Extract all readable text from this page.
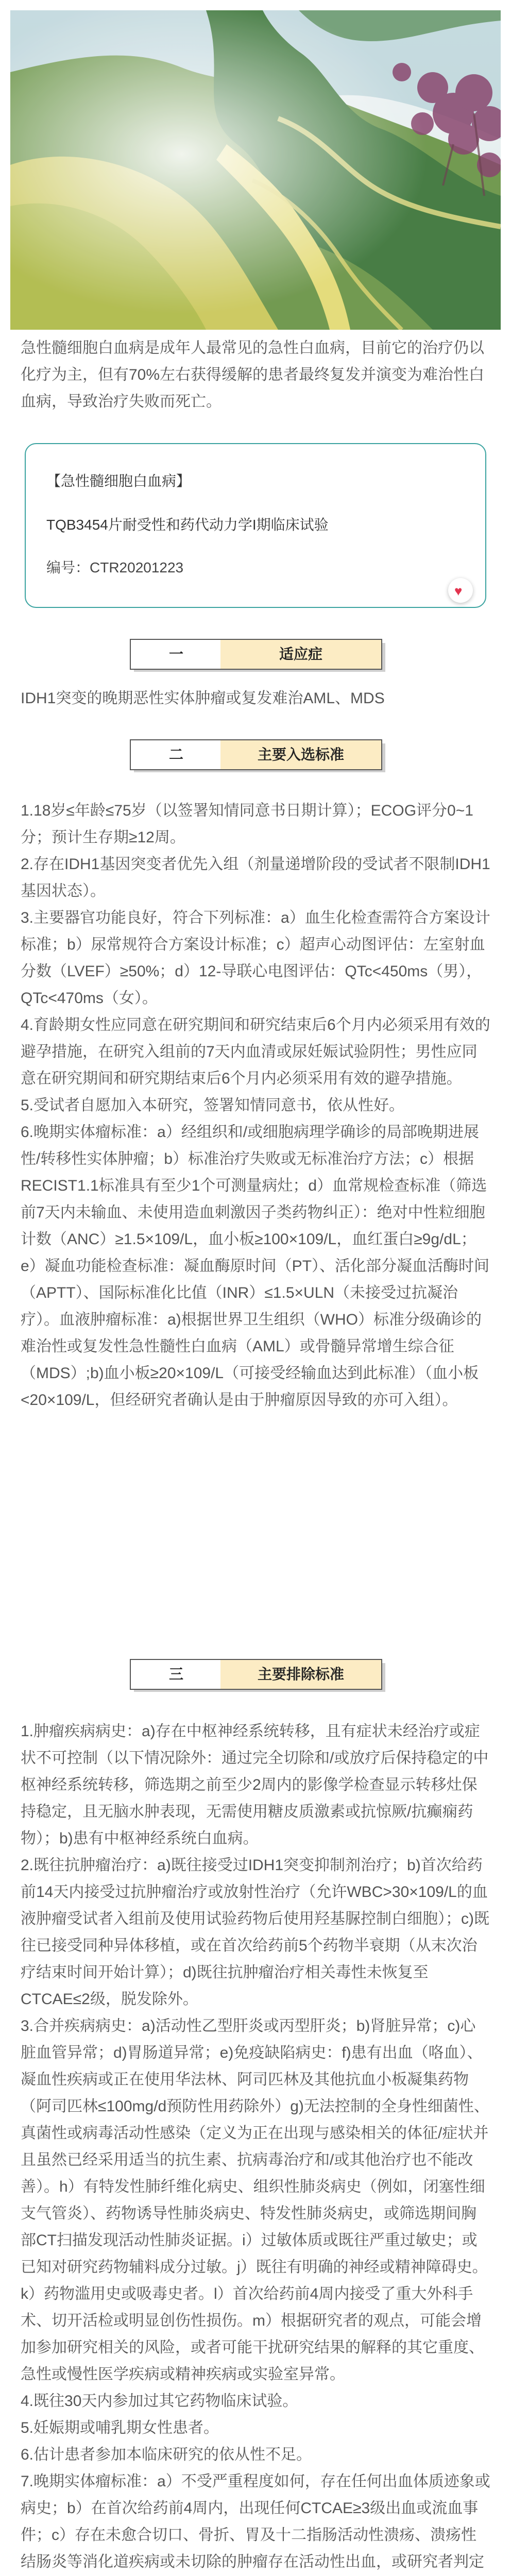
急性髓细胞白血病是成年人最常见的急性白血病，目前它的治疗仍以化疗为主，但有70%左右获得缓解的患者最终复发并演变为难治性白血病，导致治疗失败而死亡。

【急性髓细胞白血病】
TQB3454片耐受性和药代动力学I期临床试验
编号：CTR20201223
♥
一	适应症

IDH1突变的晚期恶性实体肿瘤或复发难治AML、MDS

二	主要入选标准

1.18岁≤年龄≤75岁（以签署知情同意书日期计算）；ECOG评分0~1分；预计生存期≥12周。

2.存在IDH1基因突变者优先入组（剂量递增阶段的受试者不限制IDH1基因状态）。

3.主要器官功能良好，符合下列标准：a）血生化检查需符合方案设计标准；b）尿常规符合方案设计标准；c）超声心动图评估：左室射血分数（LVEF）≥50%；d）12-导联心电图评估：QTc<450ms（男），QTc<470ms（女）。

4.育龄期女性应同意在研究期间和研究结束后6个月内必须采用有效的避孕措施，在研究入组前的7天内血清或尿妊娠试验阴性；男性应同意在研究期间和研究期结束后6个月内必须采用有效的避孕措施。

5.受试者自愿加入本研究，签署知情同意书，依从性好。

6.晚期实体瘤标准：a）经组织和/或细胞病理学确诊的局部晚期进展性/转移性实体肿瘤；b）标准治疗失败或无标准治疗方法；c）根据RECIST1.1标准具有至少1个可测量病灶；d）血常规检查标准（筛选前7天内未输血、未使用造血刺激因子类药物纠正）：绝对中性粒细胞计数（ANC）≥1.5×109/L，血小板≥100×109/L，血红蛋白≥9g/dL；e）凝血功能检查标准：凝血酶原时间（PT）、活化部分凝血活酶时间（APTT）、国际标准化比值（INR）≤1.5×ULN（未接受过抗凝治疗）。血液肿瘤标准：a)根据世界卫生组织（WHO）标准分级确诊的难治性或复发性急性髓性白血病（AML）或骨髓异常增生综合征（MDS）;b)血小板≥20×109/L（可接受经输血达到此标准）（血小板<20×109/L，但经研究者确认是由于肿瘤原因导致的亦可入组）。

三	主要排除标准

1.肿瘤疾病病史：a)存在中枢神经系统转移，且有症状未经治疗或症状不可控制（以下情况除外：通过完全切除和/或放疗后保持稳定的中枢神经系统转移，筛选期之前至少2周内的影像学检查显示转移灶保持稳定，且无脑水肿表现，无需使用糖皮质激素或抗惊厥/抗癫痫药物）；b)患有中枢神经系统白血病。

2.既往抗肿瘤治疗：a)既往接受过IDH1突变抑制剂治疗；b)首次给药前14天内接受过抗肿瘤治疗或放射性治疗（允许WBC>30×109/L的血液肿瘤受试者入组前及使用试验药物后使用羟基脲控制白细胞）；c)既往已接受同种异体移植，或在首次给药前5个药物半衰期（从末次治疗结束时间开始计算）；d)既往抗肿瘤治疗相关毒性未恢复至CTCAE≤2级，脱发除外。

3.合并疾病病史：a)活动性乙型肝炎或丙型肝炎；b)肾脏异常；c)心脏血管异常；d)胃肠道异常；e)免疫缺陷病史：f)患有出血（咯血）、凝血性疾病或正在使用华法林、阿司匹林及其他抗血小板凝集药物（阿司匹林≤100mg/d预防性用药除外）g)无法控制的全身性细菌性、真菌性或病毒活动性感染（定义为正在出现与感染相关的体征/症状并且虽然已经采用适当的抗生素、抗病毒治疗和/或其他治疗也不能改善）。h）有特发性肺纤维化病史、组织性肺炎病史（例如，闭塞性细支气管炎）、药物诱导性肺炎病史、特发性肺炎病史，或筛选期间胸部CT扫描发现活动性肺炎证据。i）过敏体质或既往严重过敏史；或已知对研究药物辅料成分过敏。j）既往有明确的神经或精神障碍史。k）药物滥用史或吸毒史者。l）首次给药前4周内接受了重大外科手术、切开活检或明显创伤性损伤。m）根据研究者的观点，可能会增加参加研究相关的风险，或者可能干扰研究结果的解释的其它重度、急性或慢性医学疾病或精神疾病或实验室异常。

4.既往30天内参加过其它药物临床试验。

5.妊娠期或哺乳期女性患者。

6.估计患者参加本临床研究的依从性不足。

7.晚期实体瘤标准：a）不受严重程度如何，存在任何出血体质迹象或病史；b）在首次给药前4周内，出现任何CTCAE≥3级出血或流血事件；c）存在未愈合切口、骨折、胃及十二指肠活动性溃疡、溃疡性结肠炎等消化道疾病或未切除的肿瘤存在活动性出血，或研究者判定
